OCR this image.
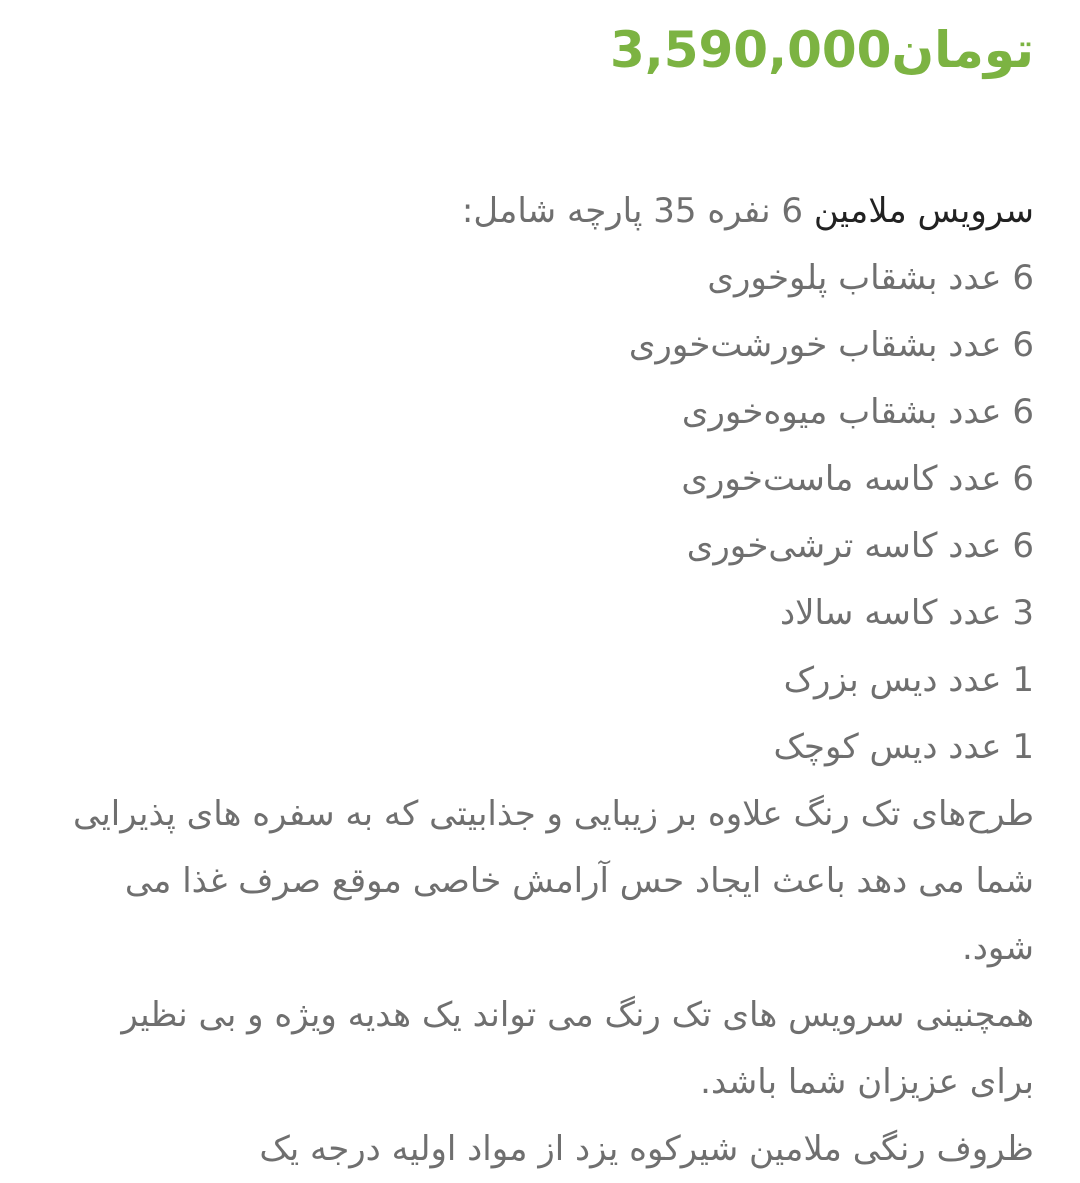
تومان3,590,000
سرویس ملامین 6 نفره 35 پارچه شامل:
6 عدد بشقاب پلوخوری
6 عدد بشقاب خورشت‌خوری
6 عدد بشقاب میوه‌خوری
6 عدد کاسه ماست‌خوری
6 عدد کاسه ترشی‌خوری
3 عدد کاسه سالاد
1 عدد دیس بزرک
1 عدد دیس کوچک
طرح‌های تک رنگ علاوه بر زیبایی و جذابیتی که به سفره های پذیرایی شما می دهد باعث ایجاد حس آرامش خاصی موقع صرف غذا می شود.
همچنینی سرویس های تک رنگ می تواند یک هدیه ویژه و بی نظیر برای عزیزان شما باشد.
ظروف رنگی ملامین شیرکوه یزد از مواد اولیه درجه یک
